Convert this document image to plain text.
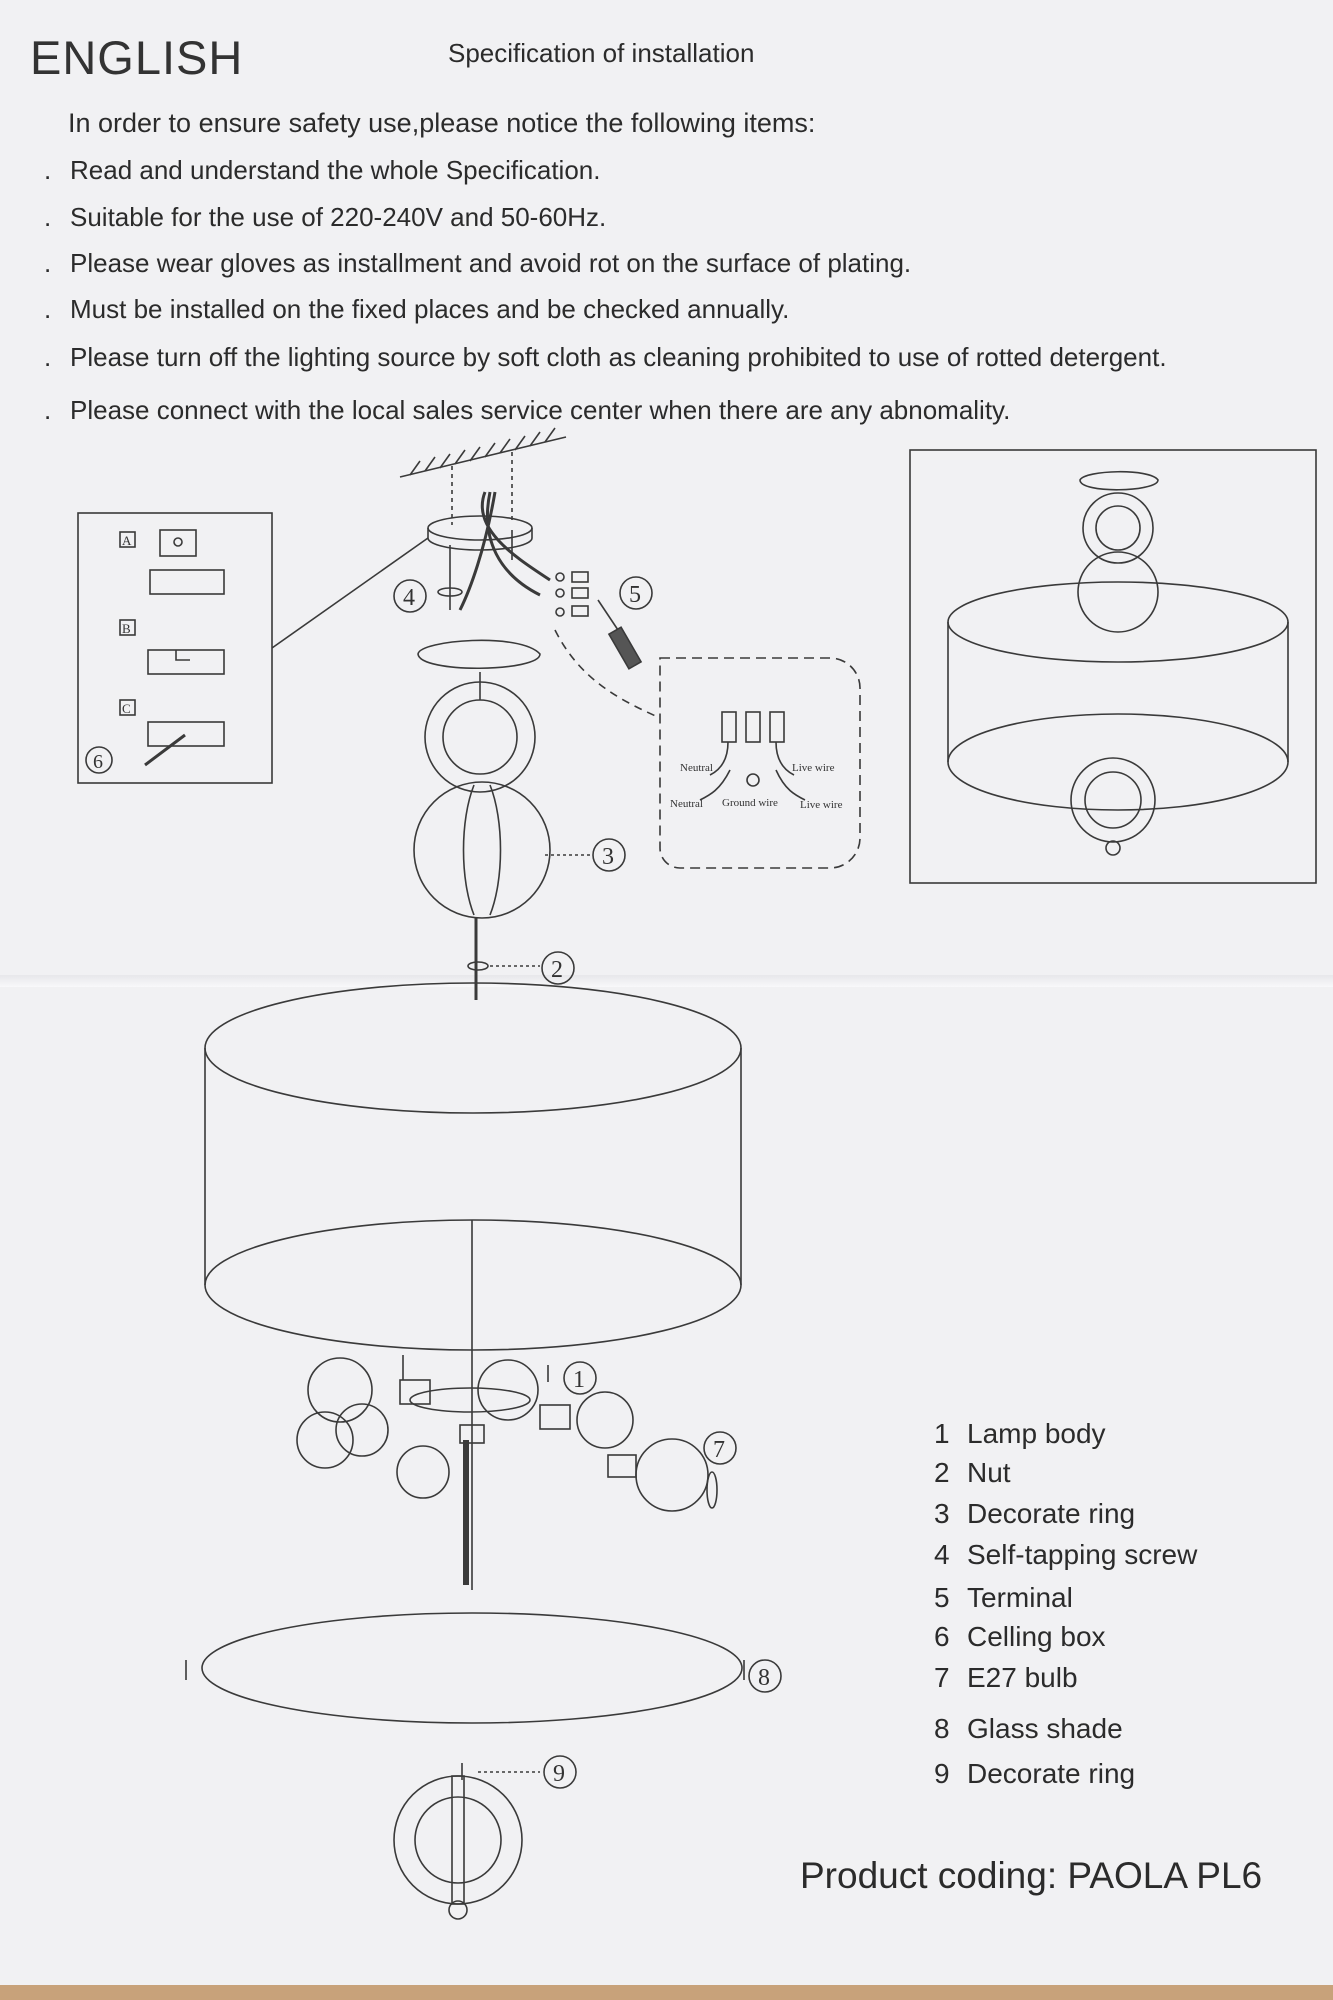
ENGLISH	Specification of installation
In order to ensure safety use,please notice the following items:
. Read and understand the whole Specification.
. Suitable for the use of 220-240V and 50-60Hz.
. Please wear gloves as installment and avoid rot on the surface of plating.
. Must be installed on the fixed places and be checked annually.
. Please turn off the lighting source by soft cloth as cleaning prohibited to use of rotted detergent.
. Please connect with the local sales service center when there are any abnomality.
4	5
3
2
1
7
8
9
6
A
B
C
Neutral	Live wire
Neutral Ground wire Live wire
1 Lamp body
2 Nut
3 Decorate ring
4 Self-tapping screw
5 Terminal
6 Celling box
7 E27 bulb
8 Glass shade
9 Decorate ring
Product coding: PAOLA PL6
